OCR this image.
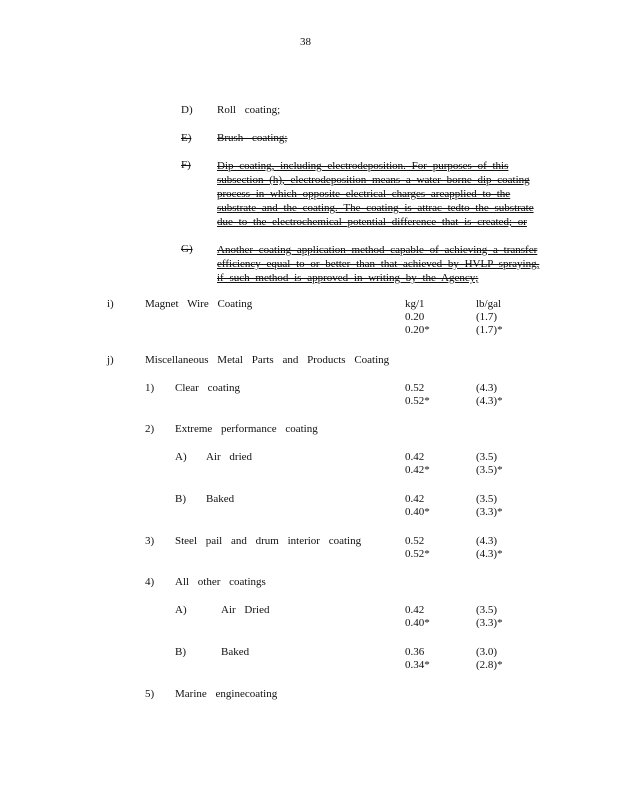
38
D) Roll coating;
E) Brush coating;
F) Dip coating, including electrodeposition. For purposes of this
subsection (h), electrodeposition means a water borne dip coating
process in which opposite electrical charges areapplied to the
substrate and the coating. The coating is attrac tedto the substrate
due to the electrochemical potential difference that is created; or
G) Another coating application method capable of achieving a transfer
efficiency equal to or better than that achieved by HVLP spraying,
if such method is approved in writing by the Agency;
i)	Magnet Wire Coating	kg/1	lb/gal
0.20	(1.7)
0.20*	(1.7)*
j)	Miscellaneous Metal Parts and Products Coating
1) Clear coating	0.52	(4.3)
0.52*	(4.3)*
2) Extreme performance coating
A) Air dried	0.42	(3.5)
0.42*	(3.5)*
B) Baked	0.42	(3.5)
0.40*	(3.3)*
3) Steel pail and drum interior coating	0.52	(4.3)
0.52*	(4.3)*
4) All other coatings
A)	Air Dried	0.42	(3.5)
0.40*	(3.3)*
B)	Baked	0.36	(3.0)
0.34*	(2.8)*
5) Marine enginecoating
